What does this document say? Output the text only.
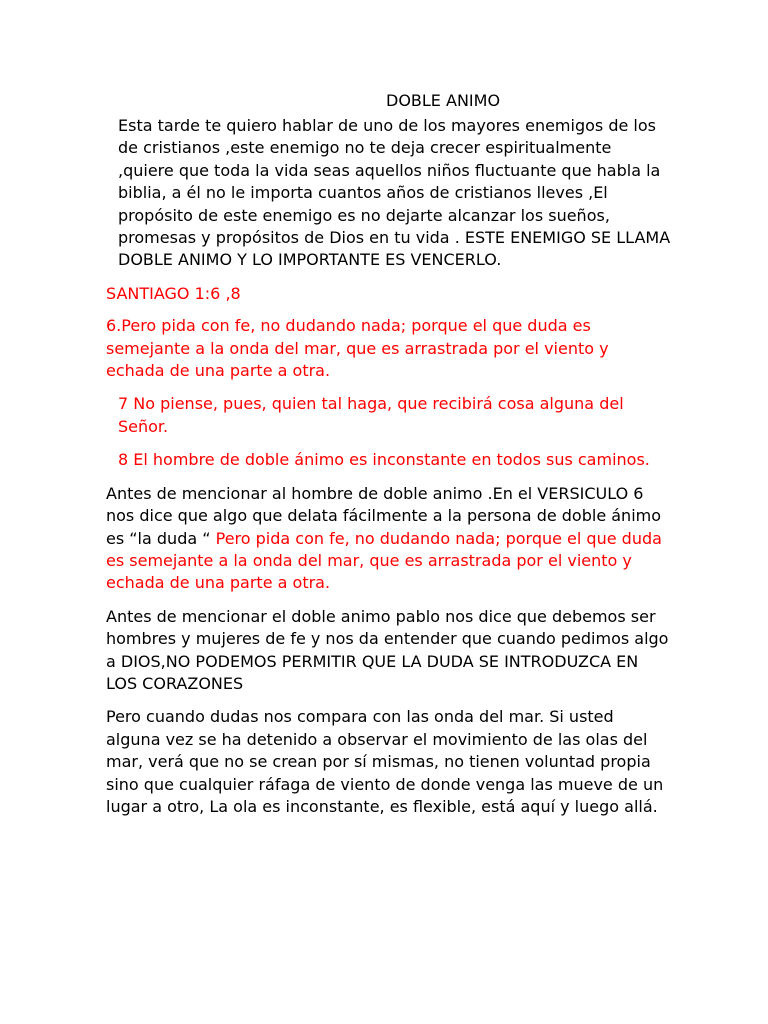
DOBLE ANIMO

Esta tarde te quiero hablar de uno de los mayores enemigos de los de cristianos ,este enemigo no te deja crecer espiritualmente ,quiere que toda la vida seas aquellos niños fluctuante que habla la biblia, a él no le importa cuantos años de cristianos lleves ,El propósito de este enemigo es no dejarte alcanzar los sueños, promesas y propósitos de Dios en tu vida . ESTE ENEMIGO SE LLAMA DOBLE ANIMO Y LO IMPORTANTE ES VENCERLO.

SANTIAGO 1:6 ,8

6.Pero pida con fe, no dudando nada; porque el que duda es semejante a la onda del mar, que es arrastrada por el viento y echada de una parte a otra.

7 No piense, pues, quien tal haga, que recibirá cosa alguna del Señor.

8 El hombre de doble ánimo es inconstante en todos sus caminos.

Antes de mencionar al hombre de doble animo .En el VERSICULO 6 nos dice que algo que delata fácilmente a la persona de doble ánimo es “la duda “ Pero pida con fe, no dudando nada; porque el que duda es semejante a la onda del mar, que es arrastrada por el viento y echada de una parte a otra.

Antes de mencionar el doble animo pablo nos dice que debemos ser hombres y mujeres de fe y nos da entender que cuando pedimos algo a DIOS,NO PODEMOS PERMITIR QUE LA DUDA SE INTRODUZCA EN LOS CORAZONES

Pero cuando dudas nos compara con las onda del mar. Si usted alguna vez se ha detenido a observar el movimiento de las olas del mar, verá que no se crean por sí mismas, no tienen voluntad propia sino que cualquier ráfaga de viento de donde venga las mueve de un lugar a otro, La ola es inconstante, es flexible, está aquí y luego allá.
